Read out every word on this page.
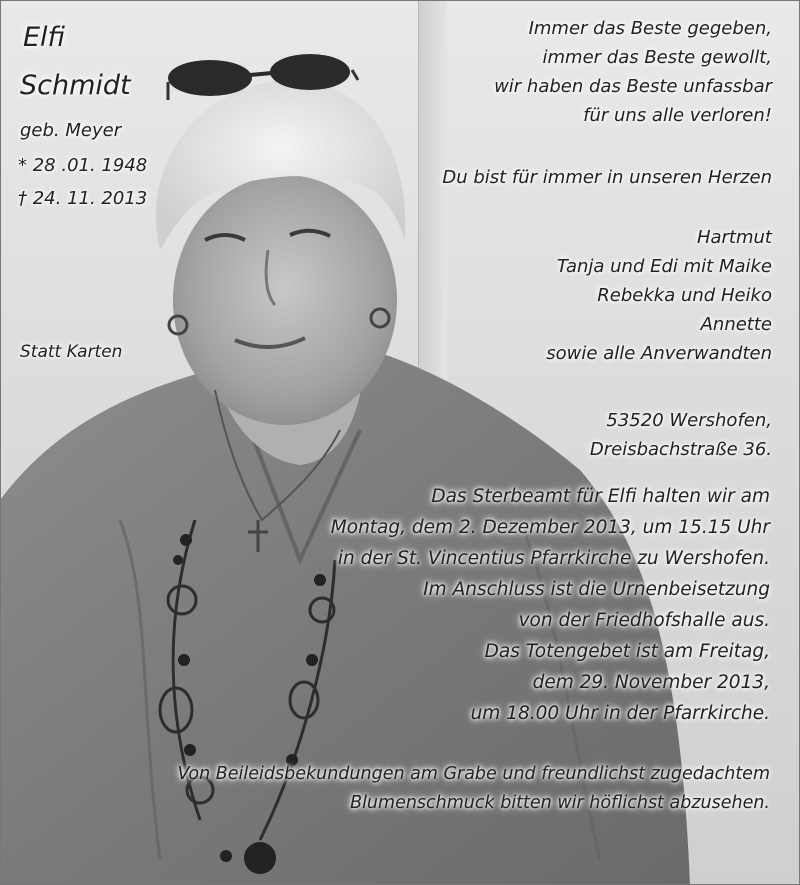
Elfi
Schmidt
geb. Meyer
* 28 .01. 1948
† 24. 11. 2013
Statt Karten
Immer das Beste gegeben,
immer das Beste gewollt,
wir haben das Beste unfassbar
für uns alle verloren!
Du bist für immer in unseren Herzen
Hartmut
Tanja und Edi mit Maike
Rebekka und Heiko
Annette
sowie alle Anverwandten
53520 Wershofen,
Dreisbachstraße 36.
Das Sterbeamt für Elfi halten wir am
Montag, dem 2. Dezember 2013, um 15.15 Uhr
in der St. Vincentius Pfarrkirche zu Wershofen.
Im Anschluss ist die Urnenbeisetzung
von der Friedhofshalle aus.
Das Totengebet ist am Freitag,
dem 29. November 2013,
um 18.00 Uhr in der Pfarrkirche.
Von Beileidsbekundungen am Grabe und freundlichst zugedachtem
Blumenschmuck bitten wir höflichst abzusehen.
